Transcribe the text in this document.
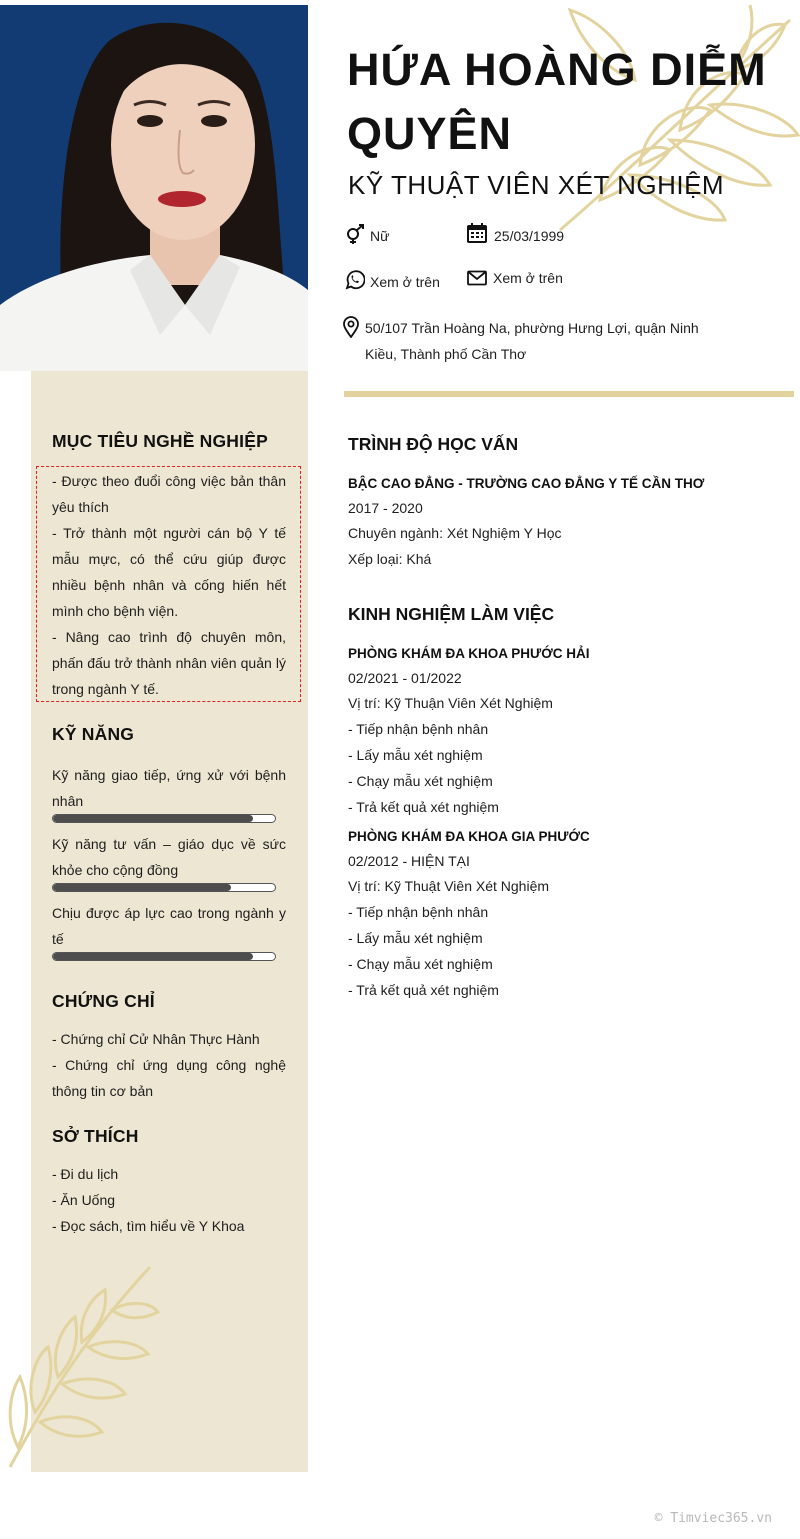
HỨA HOÀNG DIỄM QUYÊN
KỸ THUẬT VIÊN XÉT NGHIỆM
Nữ	25/03/1999
Xem ở trên	Xem ở trên
50/107 Trần Hoàng Na, phường Hưng Lợi, quận Ninh Kiều, Thành phố Cần Thơ
MỤC TIÊU NGHỀ NGHIỆP
- Được theo đuổi công việc bản thân yêu thích
- Trở thành một người cán bộ Y tế mẫu mực, có thể cứu giúp được nhiều bệnh nhân và cống hiến hết mình cho bệnh viện.
- Nâng cao trình độ chuyên môn, phấn đấu trở thành nhân viên quản lý trong ngành Y tế.
KỸ NĂNG
Kỹ năng giao tiếp, ứng xử với bệnh nhân
Kỹ năng tư vấn – giáo dục về sức khỏe cho cộng đồng
Chịu được áp lực cao trong ngành y tế
CHỨNG CHỈ
- Chứng chỉ Cử Nhân Thực Hành
- Chứng chỉ ứng dụng công nghệ thông tin cơ bản
SỞ THÍCH
- Đi du lịch
- Ăn Uống
- Đọc sách, tìm hiểu về Y Khoa
TRÌNH ĐỘ HỌC VẤN
BẬC CAO ĐẲNG - TRƯỜNG CAO ĐẲNG Y TẾ CẦN THƠ
2017 - 2020
Chuyên ngành: Xét Nghiệm Y Học
Xếp loại: Khá
KINH NGHIỆM LÀM VIỆC
PHÒNG KHÁM ĐA KHOA PHƯỚC HẢI
02/2021 - 01/2022
Vị trí: Kỹ Thuận Viên Xét Nghiệm
- Tiếp nhận bệnh nhân
- Lấy mẫu xét nghiệm
- Chạy mẫu xét nghiệm
- Trả kết quả xét nghiệm
PHÒNG KHÁM ĐA KHOA GIA PHƯỚC
02/2012 - HIỆN TẠI
Vị trí: Kỹ Thuật Viên Xét Nghiệm
- Tiếp nhận bệnh nhân
- Lấy mẫu xét nghiệm
- Chạy mẫu xét nghiệm
- Trả kết quả xét nghiệm
© Timviec365.vn
